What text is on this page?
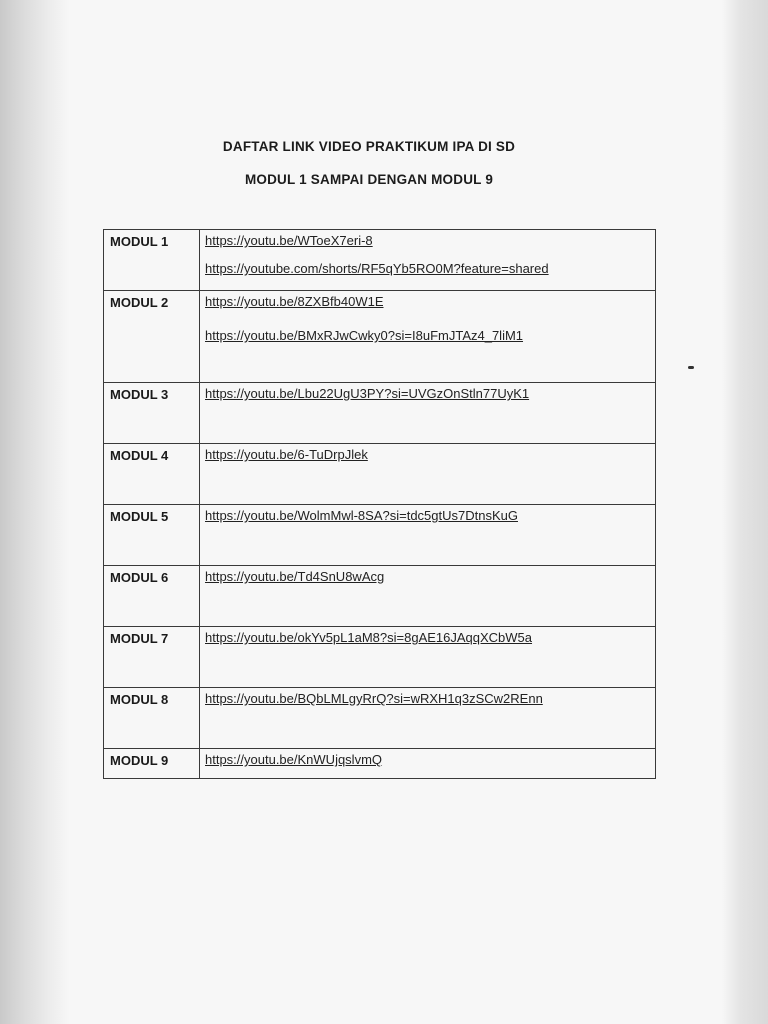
DAFTAR LINK VIDEO PRAKTIKUM IPA DI SD
MODUL 1 SAMPAI DENGAN MODUL 9
MODUL 1	https://youtu.be/WToeX7eri-8
https://youtube.com/shorts/RF5qYb5RO0M?feature=shared

MODUL 2	https://youtu.be/8ZXBfb40W1E
https://youtu.be/BMxRJwCwky0?si=I8uFmJTAz4_7liM1

MODUL 3	https://youtu.be/Lbu22UgU3PY?si=UVGzOnStln77UyK1

MODUL 4	https://youtu.be/6-TuDrpJlek

MODUL 5	https://youtu.be/WolmMwl-8SA?si=tdc5gtUs7DtnsKuG

MODUL 6	https://youtu.be/Td4SnU8wAcg

MODUL 7	https://youtu.be/okYv5pL1aM8?si=8gAE16JAqqXCbW5a

MODUL 8	https://youtu.be/BQbLMLgyRrQ?si=wRXH1q3zSCw2REnn

MODUL 9	https://youtu.be/KnWUjqslvmQ
